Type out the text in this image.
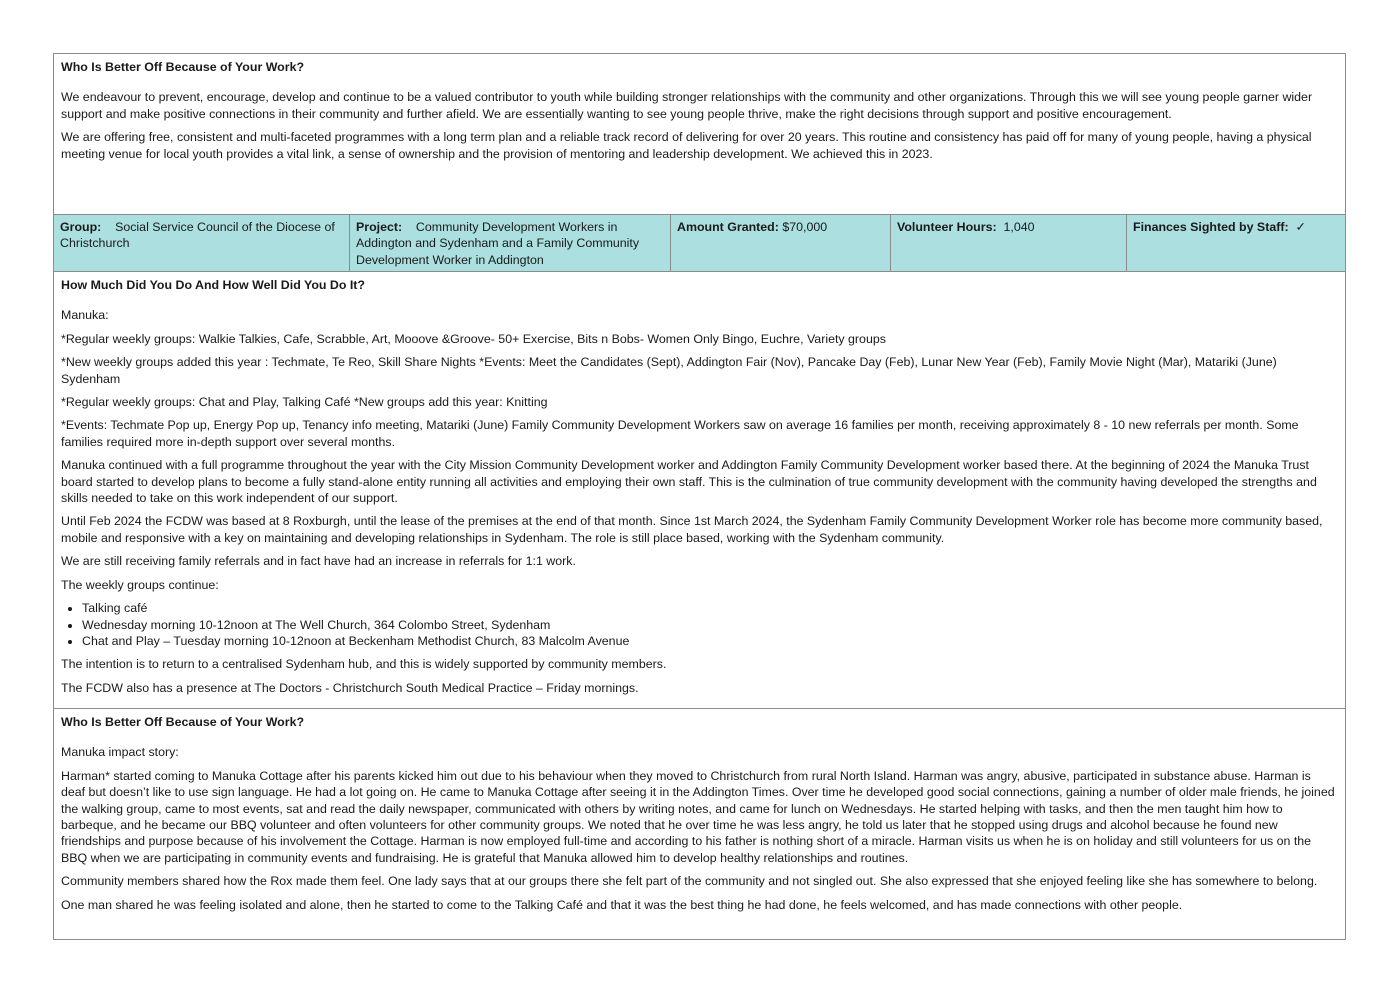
Who Is Better Off Because of Your Work?

We endeavour to prevent, encourage, develop and continue to be a valued contributor to youth while building stronger relationships with the community and other organizations. Through this we will see young people garner wider support and make positive connections in their community and further afield. We are essentially wanting to see young people thrive, make the right decisions through support and positive encouragement.

We are offering free, consistent and multi-faceted programmes with a long term plan and a reliable track record of delivering for over 20 years. This routine and consistency has paid off for many of young people, having a physical meeting venue for local youth provides a vital link, a sense of ownership and the provision of mentoring and leadership development. We achieved this in 2023.

Group: Social Service Council of the Diocese of Christchurch
Project: Community Development Workers in Addington and Sydenham and a Family Community Development Worker in Addington
Amount Granted: $70,000	Volunteer Hours: 1,040	Finances Sighted by Staff: ✓
How Much Did You Do And How Well Did You Do It?

Manuka:

*Regular weekly groups: Walkie Talkies, Cafe, Scrabble, Art, Mooove &Groove- 50+ Exercise, Bits n Bobs- Women Only Bingo, Euchre, Variety groups

*New weekly groups added this year : Techmate, Te Reo, Skill Share Nights *Events: Meet the Candidates (Sept), Addington Fair (Nov), Pancake Day (Feb), Lunar New Year (Feb), Family Movie Night (Mar), Matariki (June) Sydenham

*Regular weekly groups: Chat and Play, Talking Café *New groups add this year: Knitting

*Events: Techmate Pop up, Energy Pop up, Tenancy info meeting, Matariki (June) Family Community Development Workers saw on average 16 families per month, receiving approximately 8 - 10 new referrals per month. Some families required more in-depth support over several months.

Manuka continued with a full programme throughout the year with the City Mission Community Development worker and Addington Family Community Development worker based there. At the beginning of 2024 the Manuka Trust board started to develop plans to become a fully stand-alone entity running all activities and employing their own staff. This is the culmination of true community development with the community having developed the strengths and skills needed to take on this work independent of our support.

Until Feb 2024 the FCDW was based at 8 Roxburgh, until the lease of the premises at the end of that month. Since 1st March 2024, the Sydenham Family Community Development Worker role has become more community based, mobile and responsive with a key on maintaining and developing relationships in Sydenham. The role is still place based, working with the Sydenham community.

We are still receiving family referrals and in fact have had an increase in referrals for 1:1 work.

The weekly groups continue:

• Talking café
• Wednesday morning 10-12noon at The Well Church, 364 Colombo Street, Sydenham
• Chat and Play – Tuesday morning 10-12noon at Beckenham Methodist Church, 83 Malcolm Avenue

The intention is to return to a centralised Sydenham hub, and this is widely supported by community members.

The FCDW also has a presence at The Doctors - Christchurch South Medical Practice – Friday mornings.

Who Is Better Off Because of Your Work?

Manuka impact story:

Harman* started coming to Manuka Cottage after his parents kicked him out due to his behaviour when they moved to Christchurch from rural North Island. Harman was angry, abusive, participated in substance abuse. Harman is deaf but doesn’t like to use sign language. He had a lot going on. He came to Manuka Cottage after seeing it in the Addington Times. Over time he developed good social connections, gaining a number of older male friends, he joined the walking group, came to most events, sat and read the daily newspaper, communicated with others by writing notes, and came for lunch on Wednesdays. He started helping with tasks, and then the men taught him how to barbeque, and he became our BBQ volunteer and often volunteers for other community groups. We noted that he over time he was less angry, he told us later that he stopped using drugs and alcohol because he found new friendships and purpose because of his involvement the Cottage. Harman is now employed full-time and according to his father is nothing short of a miracle. Harman visits us when he is on holiday and still volunteers for us on the BBQ when we are participating in community events and fundraising. He is grateful that Manuka allowed him to develop healthy relationships and routines.

Community members shared how the Rox made them feel. One lady says that at our groups there she felt part of the community and not singled out. She also expressed that she enjoyed feeling like she has somewhere to belong.

One man shared he was feeling isolated and alone, then he started to come to the Talking Café and that it was the best thing he had done, he feels welcomed, and has made connections with other people.
